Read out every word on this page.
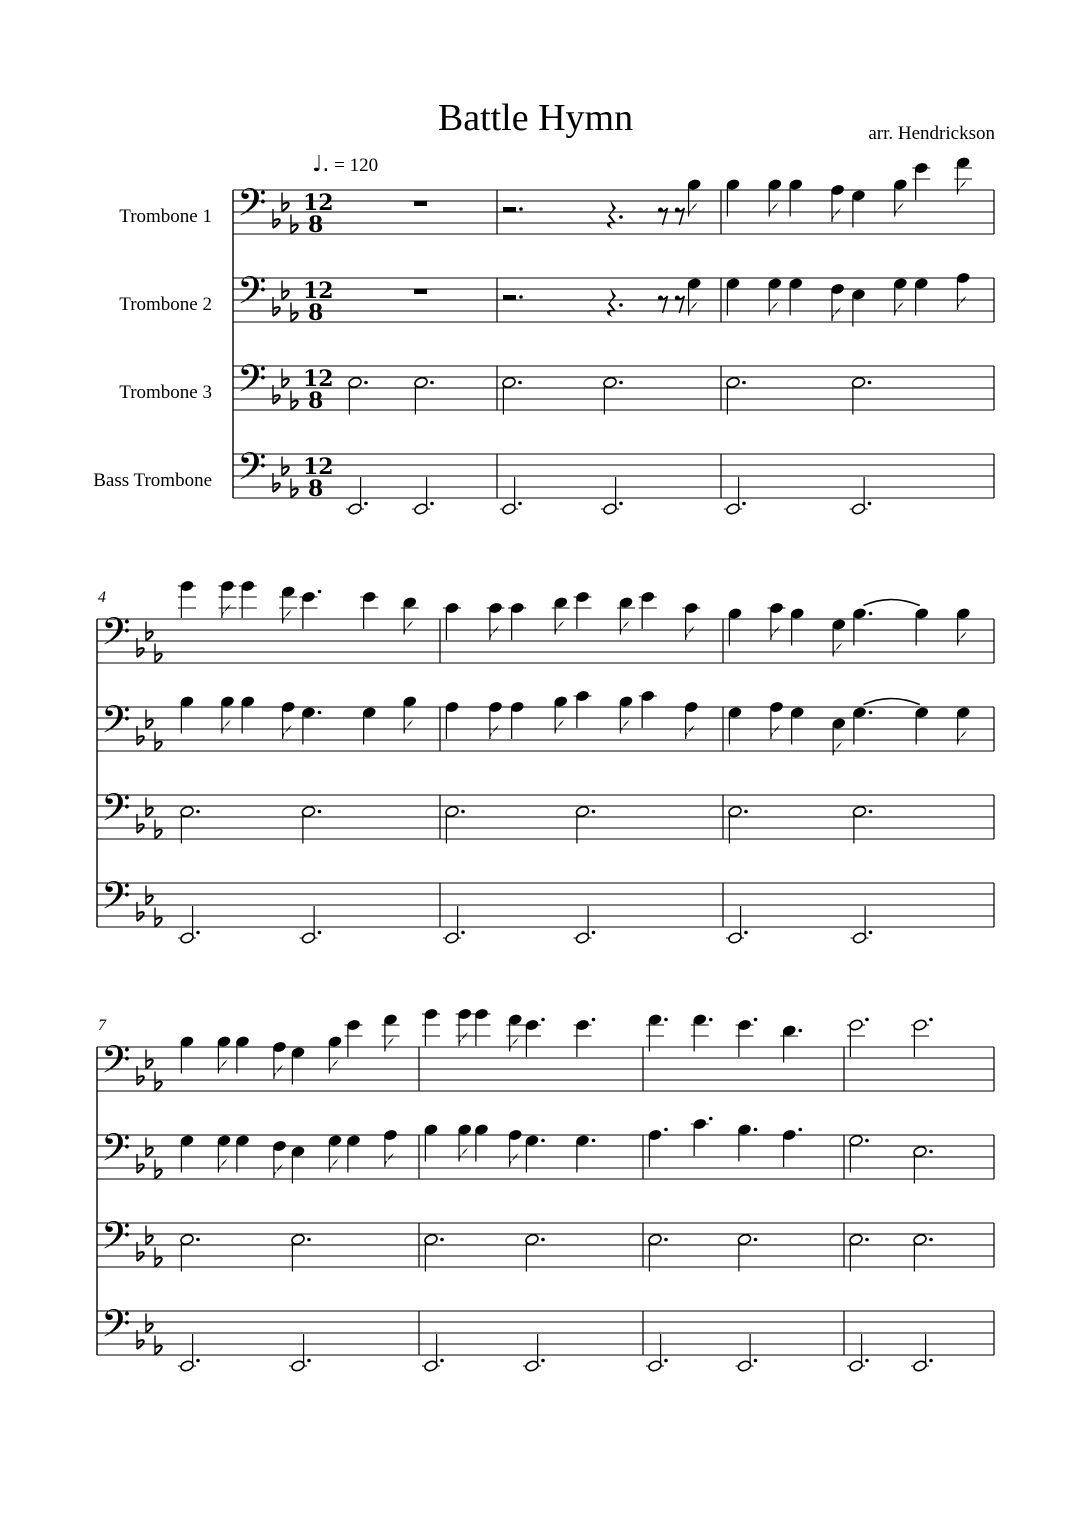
Battle Hymn	arr. Hendrickson
♩. = 120
Trombone 1
Trombone 2
Trombone 3
Bass Trombone
𝄢 12
8
𝄢 12
8
𝄢 12
8
𝄢 12
8
4
𝄢
𝄢
𝄢
𝄢
7
𝄢
𝄢
𝄢
𝄢
